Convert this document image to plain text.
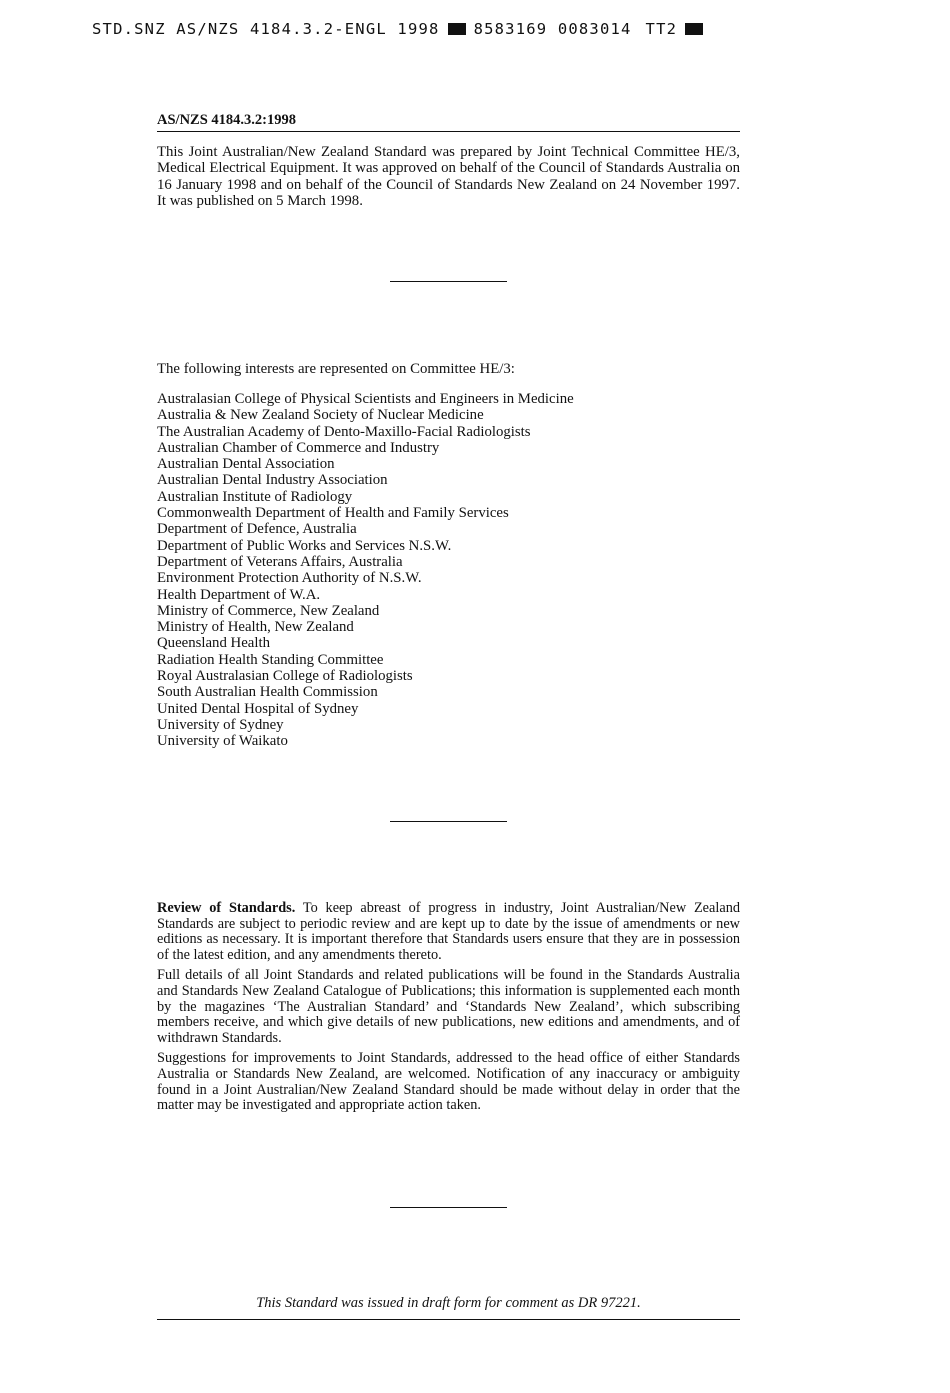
STD.SNZ AS/NZS 4184.3.2-ENGL 1998 8583169 0083014 TT2
AS/NZS 4184.3.2:1998
This Joint Australian/New Zealand Standard was prepared by Joint Technical Committee HE/3, Medical Electrical Equipment. It was approved on behalf of the Council of Standards Australia on 16 January 1998 and on behalf of the Council of Standards New Zealand on 24 November 1997. It was published on 5 March 1998.
The following interests are represented on Committee HE/3:
Australasian College of Physical Scientists and Engineers in Medicine
Australia & New Zealand Society of Nuclear Medicine
The Australian Academy of Dento-Maxillo-Facial Radiologists
Australian Chamber of Commerce and Industry
Australian Dental Association
Australian Dental Industry Association
Australian Institute of Radiology
Commonwealth Department of Health and Family Services
Department of Defence, Australia
Department of Public Works and Services N.S.W.
Department of Veterans Affairs, Australia
Environment Protection Authority of N.S.W.
Health Department of W.A.
Ministry of Commerce, New Zealand
Ministry of Health, New Zealand
Queensland Health
Radiation Health Standing Committee
Royal Australasian College of Radiologists
South Australian Health Commission
United Dental Hospital of Sydney
University of Sydney
University of Waikato

Review of Standards. To keep abreast of progress in industry, Joint Australian/New Zealand Standards are subject to periodic review and are kept up to date by the issue of amendments or new editions as necessary. It is important therefore that Standards users ensure that they are in possession of the latest edition, and any amendments thereto.

Full details of all Joint Standards and related publications will be found in the Standards Australia and Standards New Zealand Catalogue of Publications; this information is supplemented each month by the magazines ‘The Australian Standard’ and ‘Standards New Zealand’, which subscribing members receive, and which give details of new publications, new editions and amendments, and of withdrawn Standards.

Suggestions for improvements to Joint Standards, addressed to the head office of either Standards Australia or Standards New Zealand, are welcomed. Notification of any inaccuracy or ambiguity found in a Joint Australian/New Zealand Standard should be made without delay in order that the matter may be investigated and appropriate action taken.

This Standard was issued in draft form for comment as DR 97221.
